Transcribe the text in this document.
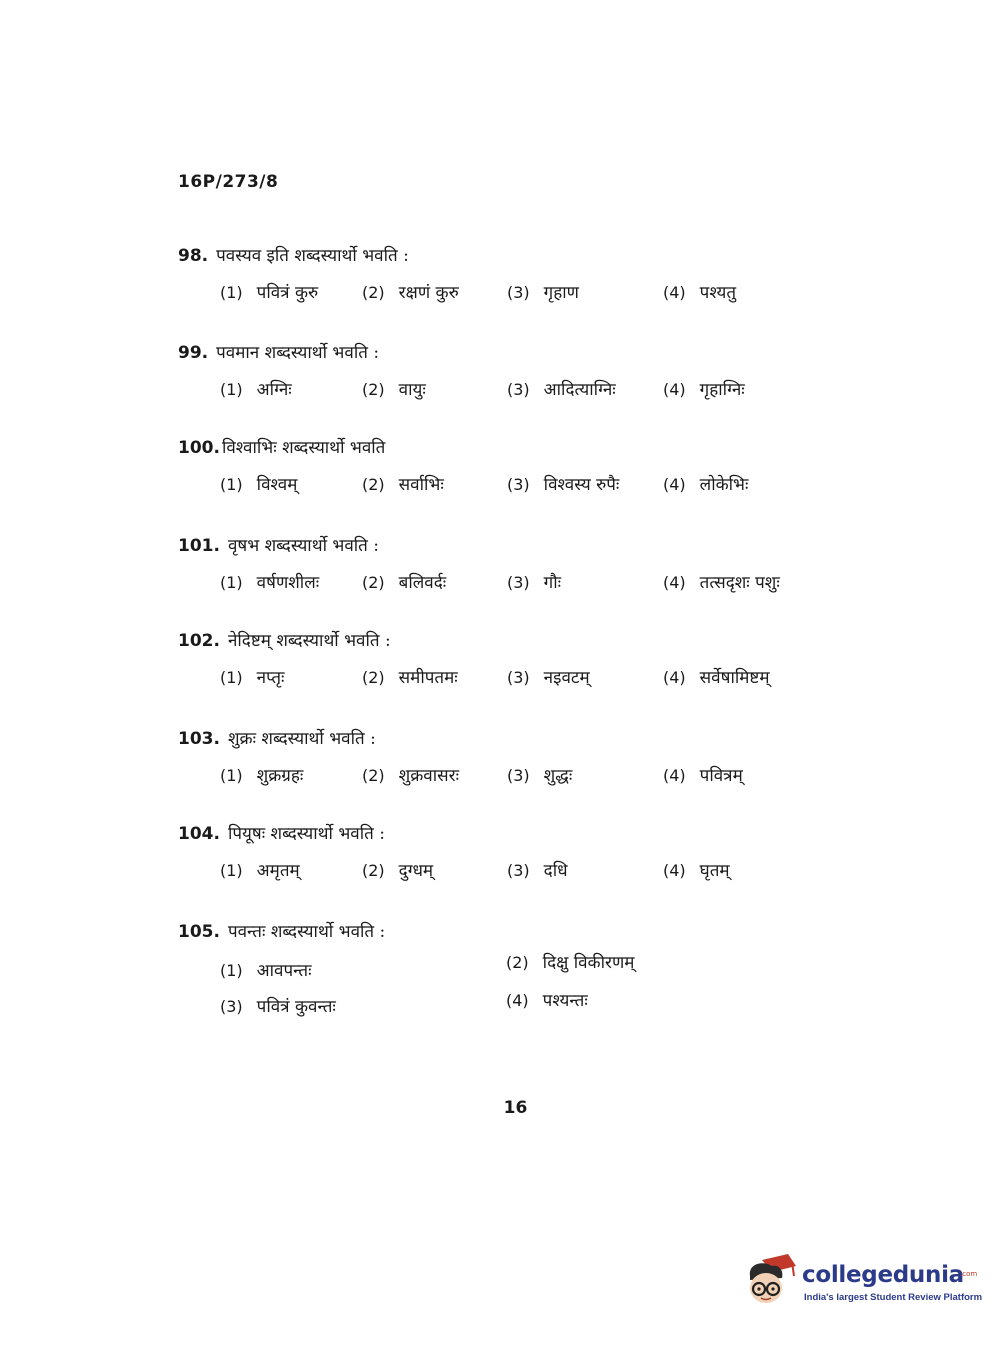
16P/273/8
98. पवस्यव इति शब्दस्यार्थो भवति :
(1) पवित्रं कुरु	(2) रक्षणं कुरु	(3) गृहाण	(4) पश्यतु
99. पवमान शब्दस्यार्थो भवति :
(1) अग्निः	(2) वायुः	(3) आदित्याग्निः	(4) गृहाग्निः
100. विश्वाभिः शब्दस्यार्थो भवति
(1) विश्वम्	(2) सर्वाभिः	(3) विश्वस्य रुपैः	(4) लोकेभिः
101. वृषभ शब्दस्यार्थो भवति :
(1) वर्षणशीलः	(2) बलिवर्दः	(3) गौः	(4) तत्सदृशः पशुः
102. नेदिष्टम् शब्दस्यार्थो भवति :
(1) नप्तृः	(2) समीपतमः	(3) नइवटम्	(4) सर्वेषामिष्टम्
103. शुक्रः शब्दस्यार्थो भवति :
(1) शुक्रग्रहः	(2) शुक्रवासरः	(3) शुद्धः	(4) पवित्रम्
104. पियूषः शब्दस्यार्थो भवति :
(1) अमृतम्	(2) दुग्धम्	(3) दधि	(4) घृतम्
105. पवन्तः शब्दस्यार्थो भवति :
(1) आवपन्तः	(2) दिक्षु विकीरणम्
(3) पवित्रं कुवन्तः	(4) पश्यन्तः
16
collegedunia
.com
India's largest Student Review Platform
